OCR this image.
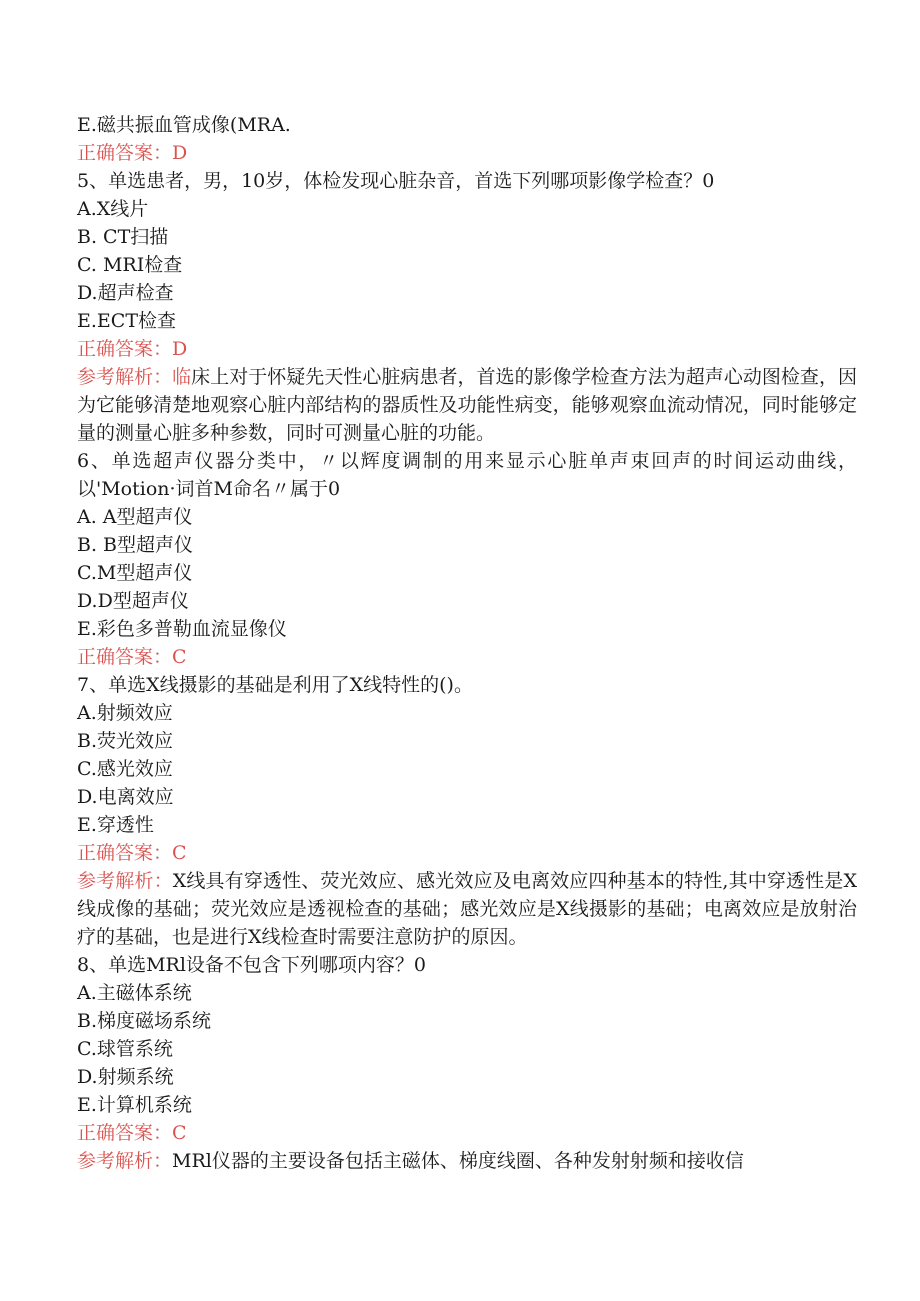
E.磁共振血管成像(MRA.
正确答案：D
5、单选患者，男，10岁，体检发现心脏杂音，首选下列哪项影像学检查？0
A.X线片
B. CT扫描
C. MRI检查
D.超声检查
E.ECT检查
正确答案：D
参考解析：临床上对于怀疑先天性心脏病患者，首选的影像学检查方法为超声心动图检查，因为它能够清楚地观察心脏内部结构的器质性及功能性病变，能够观察血流动情况，同时能够定量的测量心脏多种参数，同时可测量心脏的功能。
6、单选超声仪器分类中，〃以辉度调制的用来显示心脏单声束回声的时间运动曲线，以'Motion·词首M命名〃属于0
A. A型超声仪
B. B型超声仪
C.M型超声仪
D.D型超声仪
E.彩色多普勒血流显像仪
正确答案：C
7、单选X线摄影的基础是利用了X线特性的()。
A.射频效应
B.荧光效应
C.感光效应
D.电离效应
E.穿透性
正确答案：C
参考解析：X线具有穿透性、荧光效应、感光效应及电离效应四种基本的特性,其中穿透性是X线成像的基础；荧光效应是透视检查的基础；感光效应是X线摄影的基础；电离效应是放射治疗的基础，也是进行X线检查时需要注意防护的原因。
8、单选MRl设备不包含下列哪项内容？0
A.主磁体系统
B.梯度磁场系统
C.球管系统
D.射频系统
E.计算机系统
正确答案：C
参考解析：MRl仪器的主要设备包括主磁体、梯度线圈、各种发射射频和接收信
